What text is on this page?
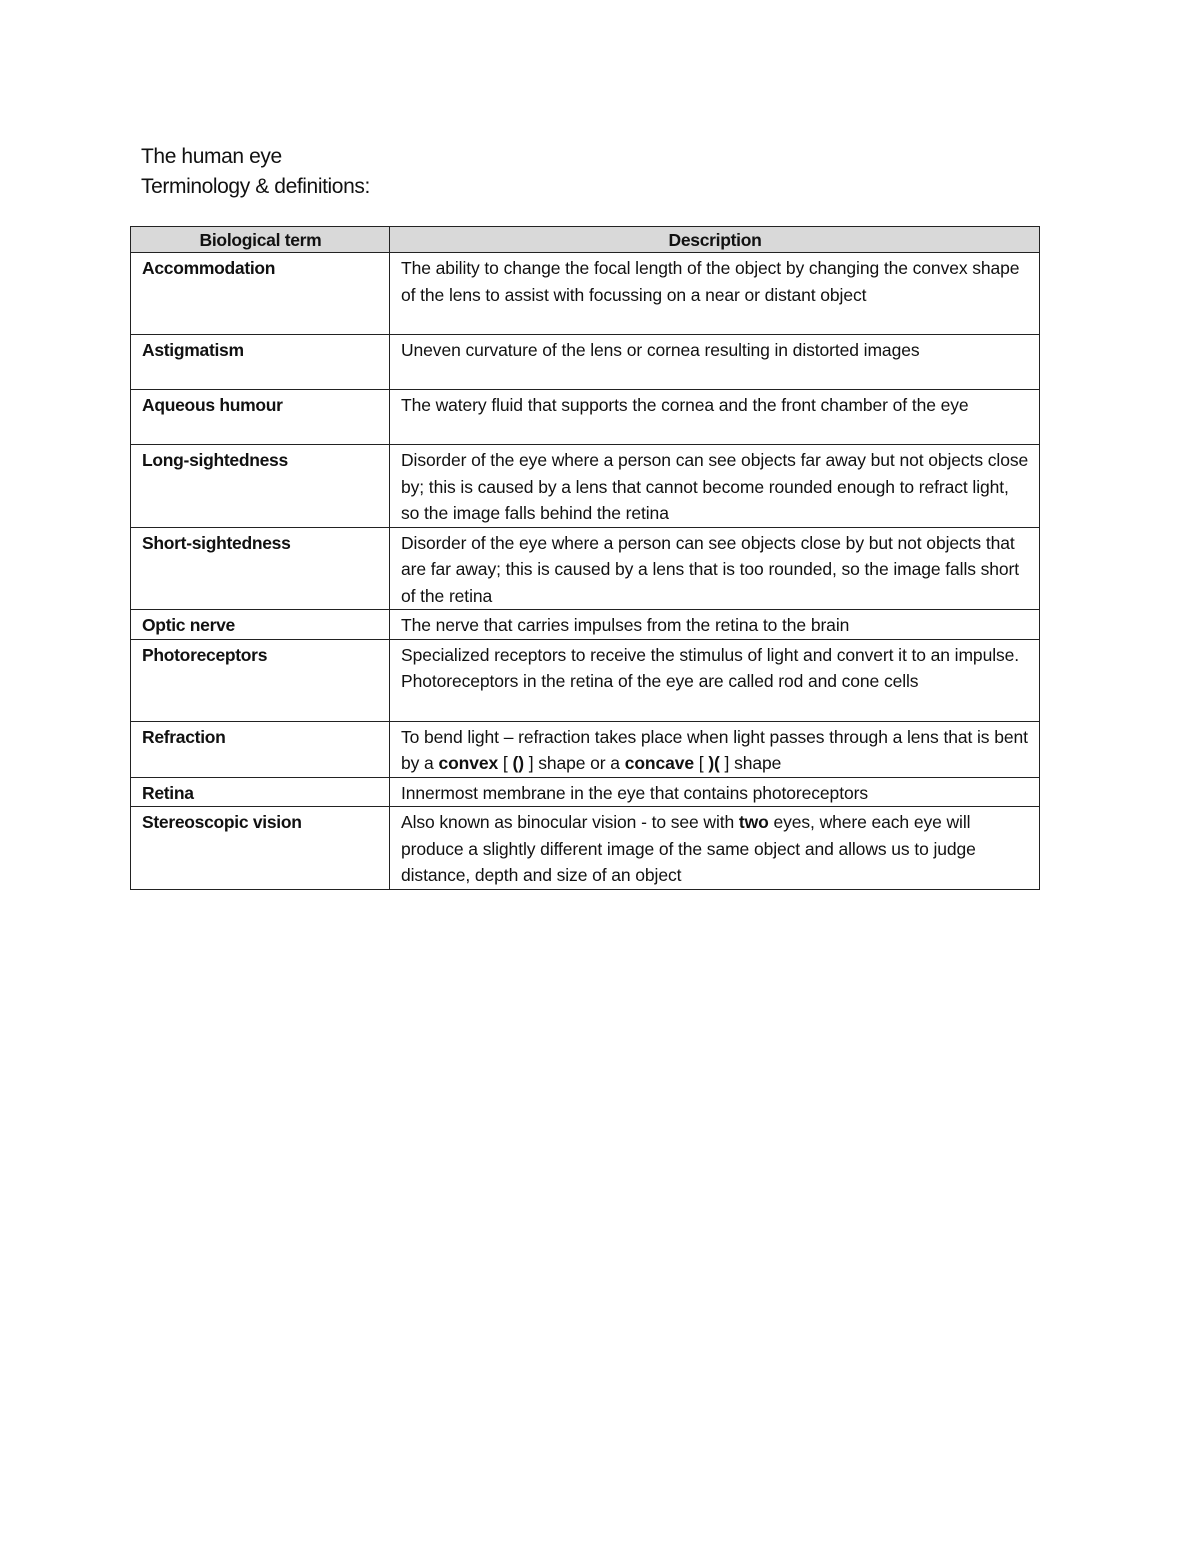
The human eye
Terminology & definitions:
Biological term	Description
Accommodation	The ability to change the focal length of the object by changing the convex shape of the lens to assist with focussing on a near or distant object
Astigmatism	Uneven curvature of the lens or cornea resulting in distorted images
Aqueous humour	The watery fluid that supports the cornea and the front chamber of the eye
Long-sightedness	Disorder of the eye where a person can see objects far away but not objects close by; this is caused by a lens that cannot become rounded enough to refract light, so the image falls behind the retina
Short-sightedness	Disorder of the eye where a person can see objects close by but not objects that are far away; this is caused by a lens that is too rounded, so the image falls short of the retina
Optic nerve	The nerve that carries impulses from the retina to the brain
Photoreceptors	Specialized receptors to receive the stimulus of light and convert it to an impulse. Photoreceptors in the retina of the eye are called rod and cone cells
Refraction	To bend light – refraction takes place when light passes through a lens that is bent by a convex [ () ] shape or a concave [ )( ] shape
Retina	Innermost membrane in the eye that contains photoreceptors
Stereoscopic vision	Also known as binocular vision - to see with two eyes, where each eye will produce a slightly different image of the same object and allows us to judge distance, depth and size of an object
